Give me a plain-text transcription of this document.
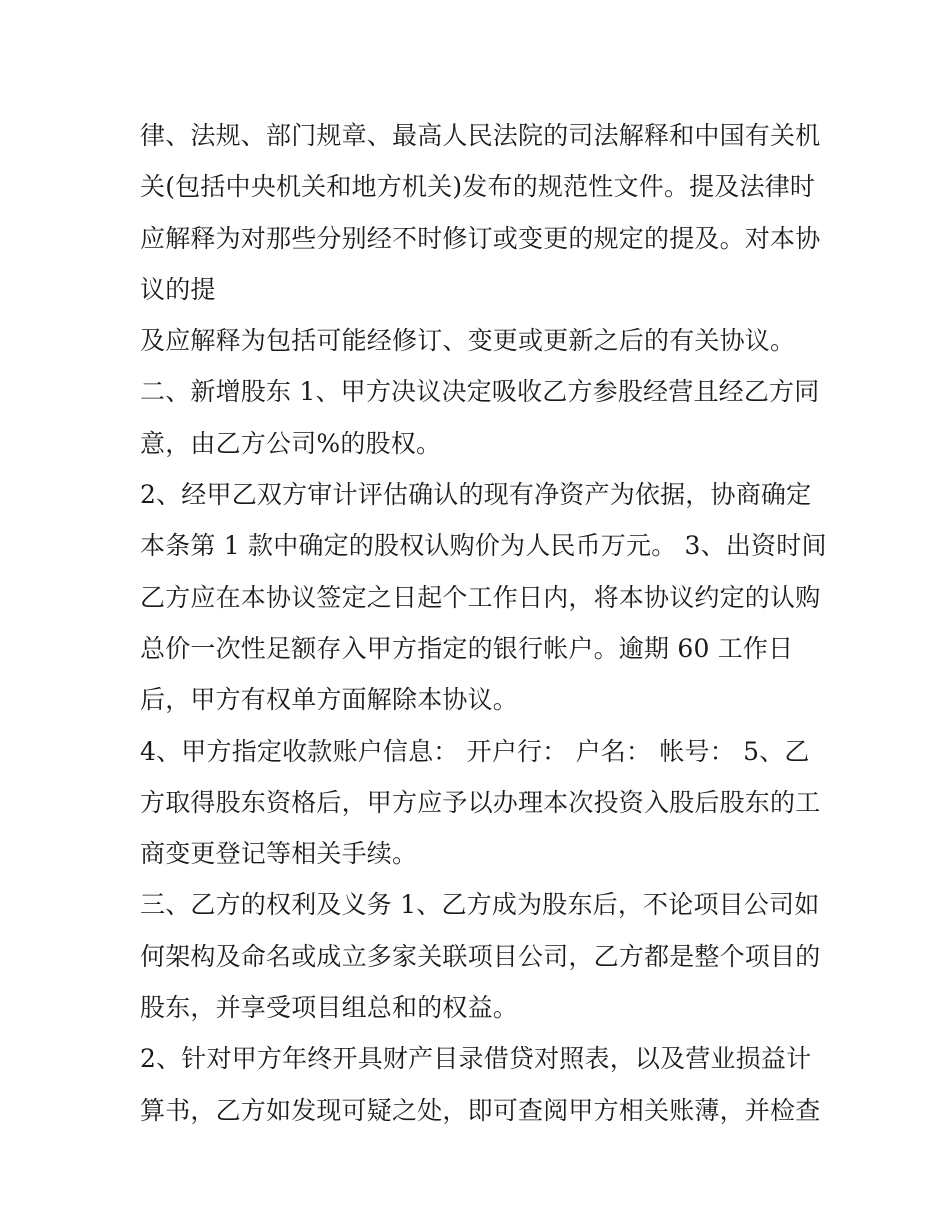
律、法规、部门规章、最高人民法院的司法解释和中国有关机
关(包括中央机关和地方机关)发布的规范性文件。提及法律时
应解释为对那些分别经不时修订或变更的规定的提及。对本协
议的提
及应解释为包括可能经修订、变更或更新之后的有关协议。
二、新增股东 1、甲方决议决定吸收乙方参股经营且经乙方同
意，由乙方公司%的股权。
2、经甲乙双方审计评估确认的现有净资产为依据，协商确定
本条第 1 款中确定的股权认购价为人民币万元。 3、出资时间
乙方应在本协议签定之日起个工作日内，将本协议约定的认购
总价一次性足额存入甲方指定的银行帐户。逾期 60 工作日
后，甲方有权单方面解除本协议。
4、甲方指定收款账户信息： 开户行： 户名： 帐号： 5、乙
方取得股东资格后，甲方应予以办理本次投资入股后股东的工
商变更登记等相关手续。
三、乙方的权利及义务 1、乙方成为股东后，不论项目公司如
何架构及命名或成立多家关联项目公司，乙方都是整个项目的
股东，并享受项目组总和的权益。
2、针对甲方年终开具财产目录借贷对照表，以及营业损益计
算书，乙方如发现可疑之处，即可查阅甲方相关账薄，并检查
